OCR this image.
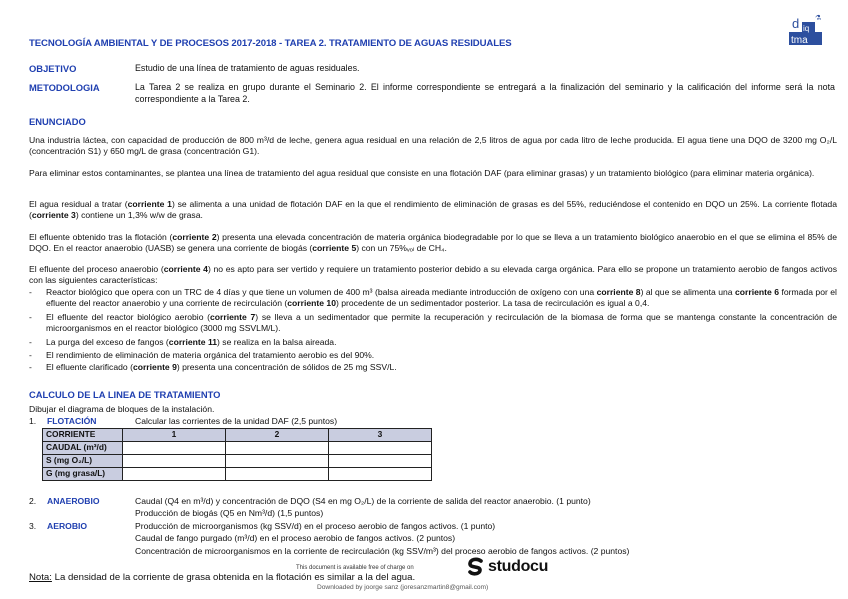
TECNOLOGÍA AMBIENTAL Y DE PROCESOS 2017-2018 - TAREA 2. TRATAMIENTO DE AGUAS RESIDUALES
d iq
tma
⚗
OBJETIVO	Estudio de una línea de tratamiento de aguas residuales.
METODOLOGIA	La Tarea 2 se realiza en grupo durante el Seminario 2. El informe correspondiente se entregará a la finalización del seminario y la calificación del informe será la nota correspondiente a la Tarea 2.
ENUNCIADO
Una industria láctea, con capacidad de producción de 800 m³/d de leche, genera agua residual en una relación de 2,5 litros de agua por cada litro de leche producida. El agua tiene una DQO de 3200 mg O₂/L (concentración S1) y 650 mg/L de grasa (concentración G1).
Para eliminar estos contaminantes, se plantea una línea de tratamiento del agua residual que consiste en una flotación DAF (para eliminar grasas) y un tratamiento biológico (para eliminar materia orgánica).
El agua residual a tratar (corriente 1) se alimenta a una unidad de flotación DAF en la que el rendimiento de eliminación de grasas es del 55%, reduciéndose el contenido en DQO un 25%. La corriente flotada (corriente 3) contiene un 1,3% w/w de grasa.
El efluente obtenido tras la flotación (corriente 2) presenta una elevada concentración de materia orgánica biodegradable por lo que se lleva a un tratamiento biológico anaerobio en el que se elimina el 85% de DQO. En el reactor anaerobio (UASB) se genera una corriente de biogás (corriente 5) con un 75%ᵥₒₗ de CH₄.
El efluente del proceso anaerobio (corriente 4) no es apto para ser vertido y requiere un tratamiento posterior debido a su elevada carga orgánica. Para ello se propone un tratamiento aerobio de fangos activos con las siguientes características:
-	Reactor biológico que opera con un TRC de 4 días y que tiene un volumen de 400 m³ (balsa aireada mediante introducción de oxígeno con una corriente 8) al que se alimenta una corriente 6 formada por el efluente del reactor anaerobio y una corriente de recirculación (corriente 10) procedente de un sedimentador posterior. La tasa de recirculación es igual a 0,4.
-	El efluente del reactor biológico aerobio (corriente 7) se lleva a un sedimentador que permite la recuperación y recirculación de la biomasa de forma que se mantenga constante la concentración de microorganismos en el reactor biológico (3000 mg SSVLM/L).
-	La purga del exceso de fangos (corriente 11) se realiza en la balsa aireada.
-	El rendimiento de eliminación de materia orgánica del tratamiento aerobio es del 90%.
-	El efluente clarificado (corriente 9) presenta una concentración de sólidos de 25 mg SSV/L.
CALCULO DE LA LINEA DE TRATAMIENTO
Dibujar el diagrama de bloques de la instalación.
1. FLOTACIÓN	Calcular las corrientes de la unidad DAF (2,5 puntos)
CORRIENTE	1	2	3
CAUDAL (m³/d)			
S (mg O₂/L)			
G (mg grasa/L)			
2. ANAEROBIO	Caudal (Q4 en m³/d) y concentración de DQO (S4 en mg O₂/L) de la corriente de salida del reactor anaerobio. (1 punto)
Producción de biogás (Q5 en Nm³/d) (1,5 puntos)
3. AEROBIO	Producción de microorganismos (kg SSV/d) en el proceso aerobio de fangos activos. (1 punto)
Caudal de fango purgado (m³/d) en el proceso aerobio de fangos activos. (2 puntos)
Concentración de microorganismos en la corriente de recirculación (kg SSV/m³) del proceso aerobio de fangos activos. (2 puntos)
Nota: La densidad de la corriente de grasa obtenida en la flotación es similar a la del agua.
This document is available free of charge on	studocu
Downloaded by joorge sanz (joresanzmartin8@gmail.com)
